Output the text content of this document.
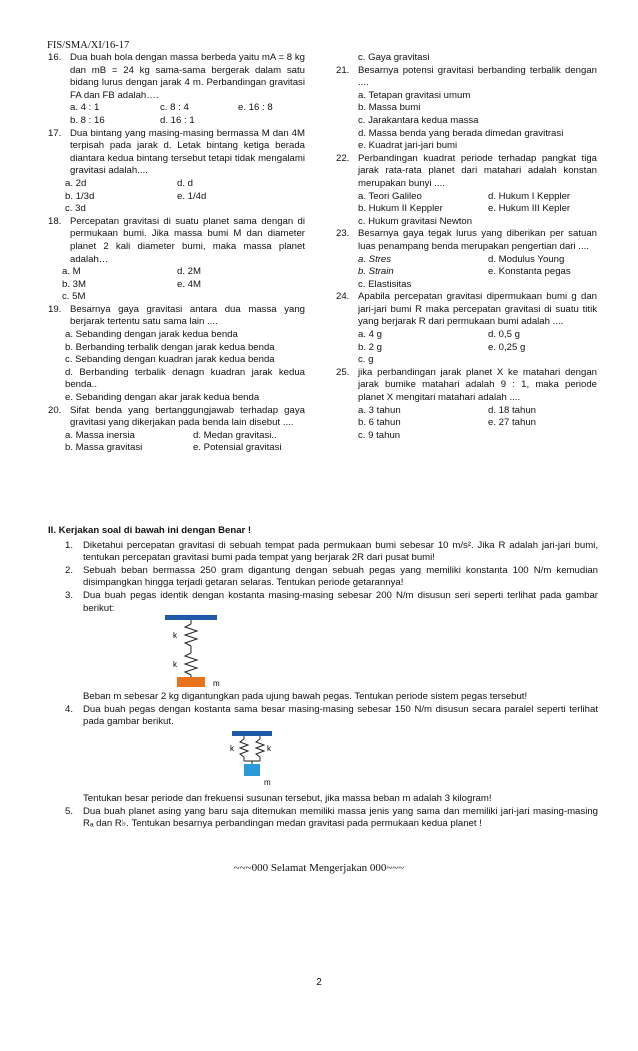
FIS/SMA/XI/16-17
16. Dua buah bola dengan massa berbeda yaitu mA = 8 kg dan mB = 24 kg sama-sama bergerak dalam satu bidang lurus dengan jarak 4 m. Perbandingan gravitasi FA dan FB adalah….
a. 4 : 1	c. 8 : 4	e. 16 : 8
b. 8 : 16	d. 16 : 1
17. Dua bintang yang masing-masing bermassa M dan 4M terpisah pada jarak d. Letak bintang ketiga berada diantara kedua bintang tersebut tetapi tidak mengalami gravitasi adalah....
a. 2d	d. d
b. 1/3d	e. 1/4d
c. 3d
18. Percepatan gravitasi di suatu planet sama dengan di permukaan bumi. Jika massa bumi M dan diameter planet 2 kali diameter bumi, maka massa planet adalah…
a. M	d. 2M
b. 3M	e. 4M
c. 5M
19. Besarnya gaya gravitasi antara dua massa yang berjarak tertentu satu sama lain ....
a. Sebanding dengan jarak kedua benda
b. Berbanding terbalik dengan jarak kedua benda
c. Sebanding dengan kuadran jarak kedua benda
d. Berbanding terbalik denagn kuadran jarak kedua benda..
e. Sebanding dengan akar jarak kedua benda
20. Sifat benda yang bertanggungjawab terhadap gaya gravitasi yang dikerjakan pada benda lain disebut ....
a. Massa inersia	d. Medan gravitasi..
b. Massa gravitasi	e. Potensial gravitasi
c. Gaya gravitasi
21. Besarnya potensi gravitasi berbanding terbalik dengan ....
a. Tetapan gravitasi umum
b. Massa bumi
c. Jarakantara kedua massa
d. Massa benda yang berada dimedan gravitrasi
e. Kuadrat jari-jari bumi
22. Perbandingan kuadrat periode terhadap pangkat tiga jarak rata-rata planet dari matahari adalah konstan merupakan bunyi ....
a. Teori Galileo	d. Hukum I Keppler
b. Hukum II Keppler	e. Hukum III Kepler
c. Hukum gravitasi Newton
23. Besarnya gaya tegak lurus yang diberikan per satuan luas penampang benda merupakan pengertian dari ....
a. Stres	d. Modulus Young
b. Strain	e. Konstanta pegas
c. Elastisitas
24. Apabila percepatan gravitasi dipermukaan bumi g dan jari-jari bumi R maka percepatan gravitasi di suatu titik yang berjarak R dari permukaan bumi adalah ....
a. 4 g	d. 0,5 g
b. 2 g	e. 0,25 g
c. g
25. jika perbandingan jarak planet X ke matahari dengan jarak bumike matahari adalah 9 : 1, maka periode planet X mengitari matahari adalah ....
a. 3 tahun	d. 18 tahun
b. 6 tahun	e. 27 tahun
c. 9 tahun
II. Kerjakan soal di bawah ini dengan Benar !
1. Diketahui percepatan gravitasi di sebuah tempat pada permukaan bumi sebesar 10 m/s². Jika R adalah jari-jari bumi, tentukan percepatan gravitasi bumi pada tempat yang berjarak 2R dari pusat bumi!
2. Sebuah beban bermassa 250 gram digantung dengan sebuah pegas yang memiliki konstanta 100 N/m kemudian disimpangkan hingga terjadi getaran selaras. Tentukan periode getarannya!
3. Dua buah pegas identik dengan kostanta masing-masing sebesar 200 N/m disusun seri seperti terlihat pada gambar berikut:
k
k
m
Beban m sebesar 2 kg digantungkan pada ujung bawah pegas. Tentukan periode sistem pegas tersebut!
4. Dua buah pegas dengan kostanta sama besar masing-masing sebesar 150 N/m disusun secara paralel seperti terlihat pada gambar berikut.
k	k
m
Tentukan besar periode dan frekuensi susunan tersebut, jika massa beban m adalah 3 kilogram!
5. Dua buah planet asing yang baru saja ditemukan memiliki massa jenis yang sama dan memiliki jari-jari masing-masing Rₐ dan R♭. Tentukan besarnya perbandingan medan gravitasi pada permukaan kedua planet !
~~~000 Selamat Mengerjakan 000~~~
2
